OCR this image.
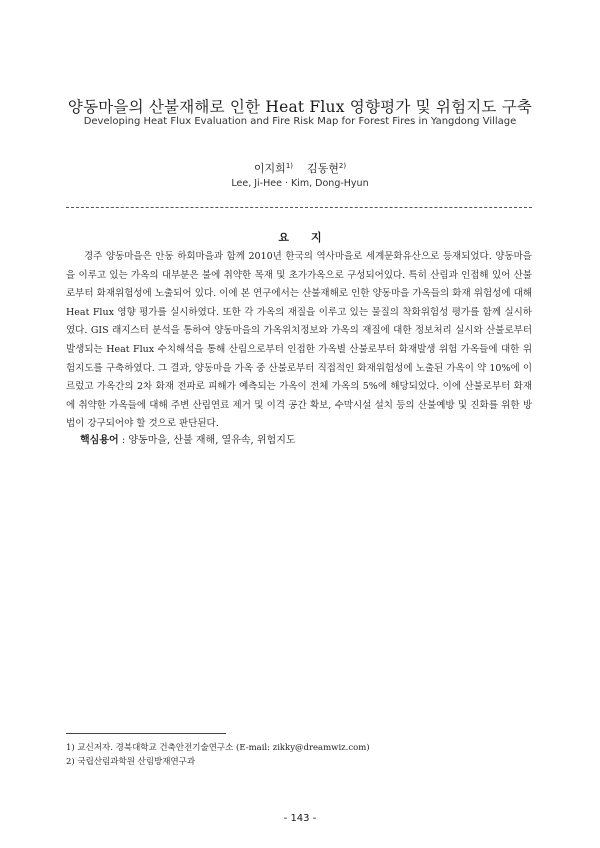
양동마을의 산불재해로 인한 Heat Flux 영향평가 및 위험지도 구축
Developing Heat Flux Evaluation and Fire Risk Map for Forest Fires in Yangdong Village
이지희$^{1)}$ 김동현$^{2)}$
Lee, Ji-Hee · Kim, Dong-Hyun
요지
경주 양동마을은 안동 하회마을과 함께 2010년 한국의 역사마을로 세계문화유산으로 등재되었다. 양동마을을 이루고 있는 가옥의 대부분은 불에 취약한 목재 및 초가가옥으로 구성되어있다. 특히 산림과 인접해 있어 산불로부터 화재위험성에 노출되어 있다. 이에 본 연구에서는 산불재해로 인한 양동마을 가옥들의 화재 위험성에 대해 Heat Flux 영향 평가를 실시하였다. 또한 각 가옥의 재질을 이루고 있는 물질의 착화위험성 평가를 함께 실시하였다. GIS 래지스터 분석을 통하여 양동마을의 가옥위치정보와 가옥의 재질에 대한 정보처리 실시와 산불로부터 발생되는 Heat Flux 수치해석을 통해 산림으로부터 인접한 가옥별 산불로부터 화재발생 위험 가옥들에 대한 위험지도를 구축하였다. 그 결과, 양동마을 가옥 중 산불로부터 직접적인 화재위험성에 노출된 가옥이 약 10%에 이르렀고 가옥간의 2차 화재 전파로 피해가 예측되는 가옥이 전체 가옥의 5%에 해당되었다. 이에 산불로부터 화재에 취약한 가옥들에 대해 주변 산림연료 제거 및 이격 공간 확보, 수막시설 설치 등의 산불예방 및 진화를 위한 방법이 강구되어야 할 것으로 판단된다.
핵심용어 : 양동마을, 산불 재해, 열유속, 위험지도
1) 교신저자. 경북대학교 건축안전기술연구소 (E-mail: zikky@dreamwiz.com)
2) 국립산림과학원 산림방재연구과
- 143 -
